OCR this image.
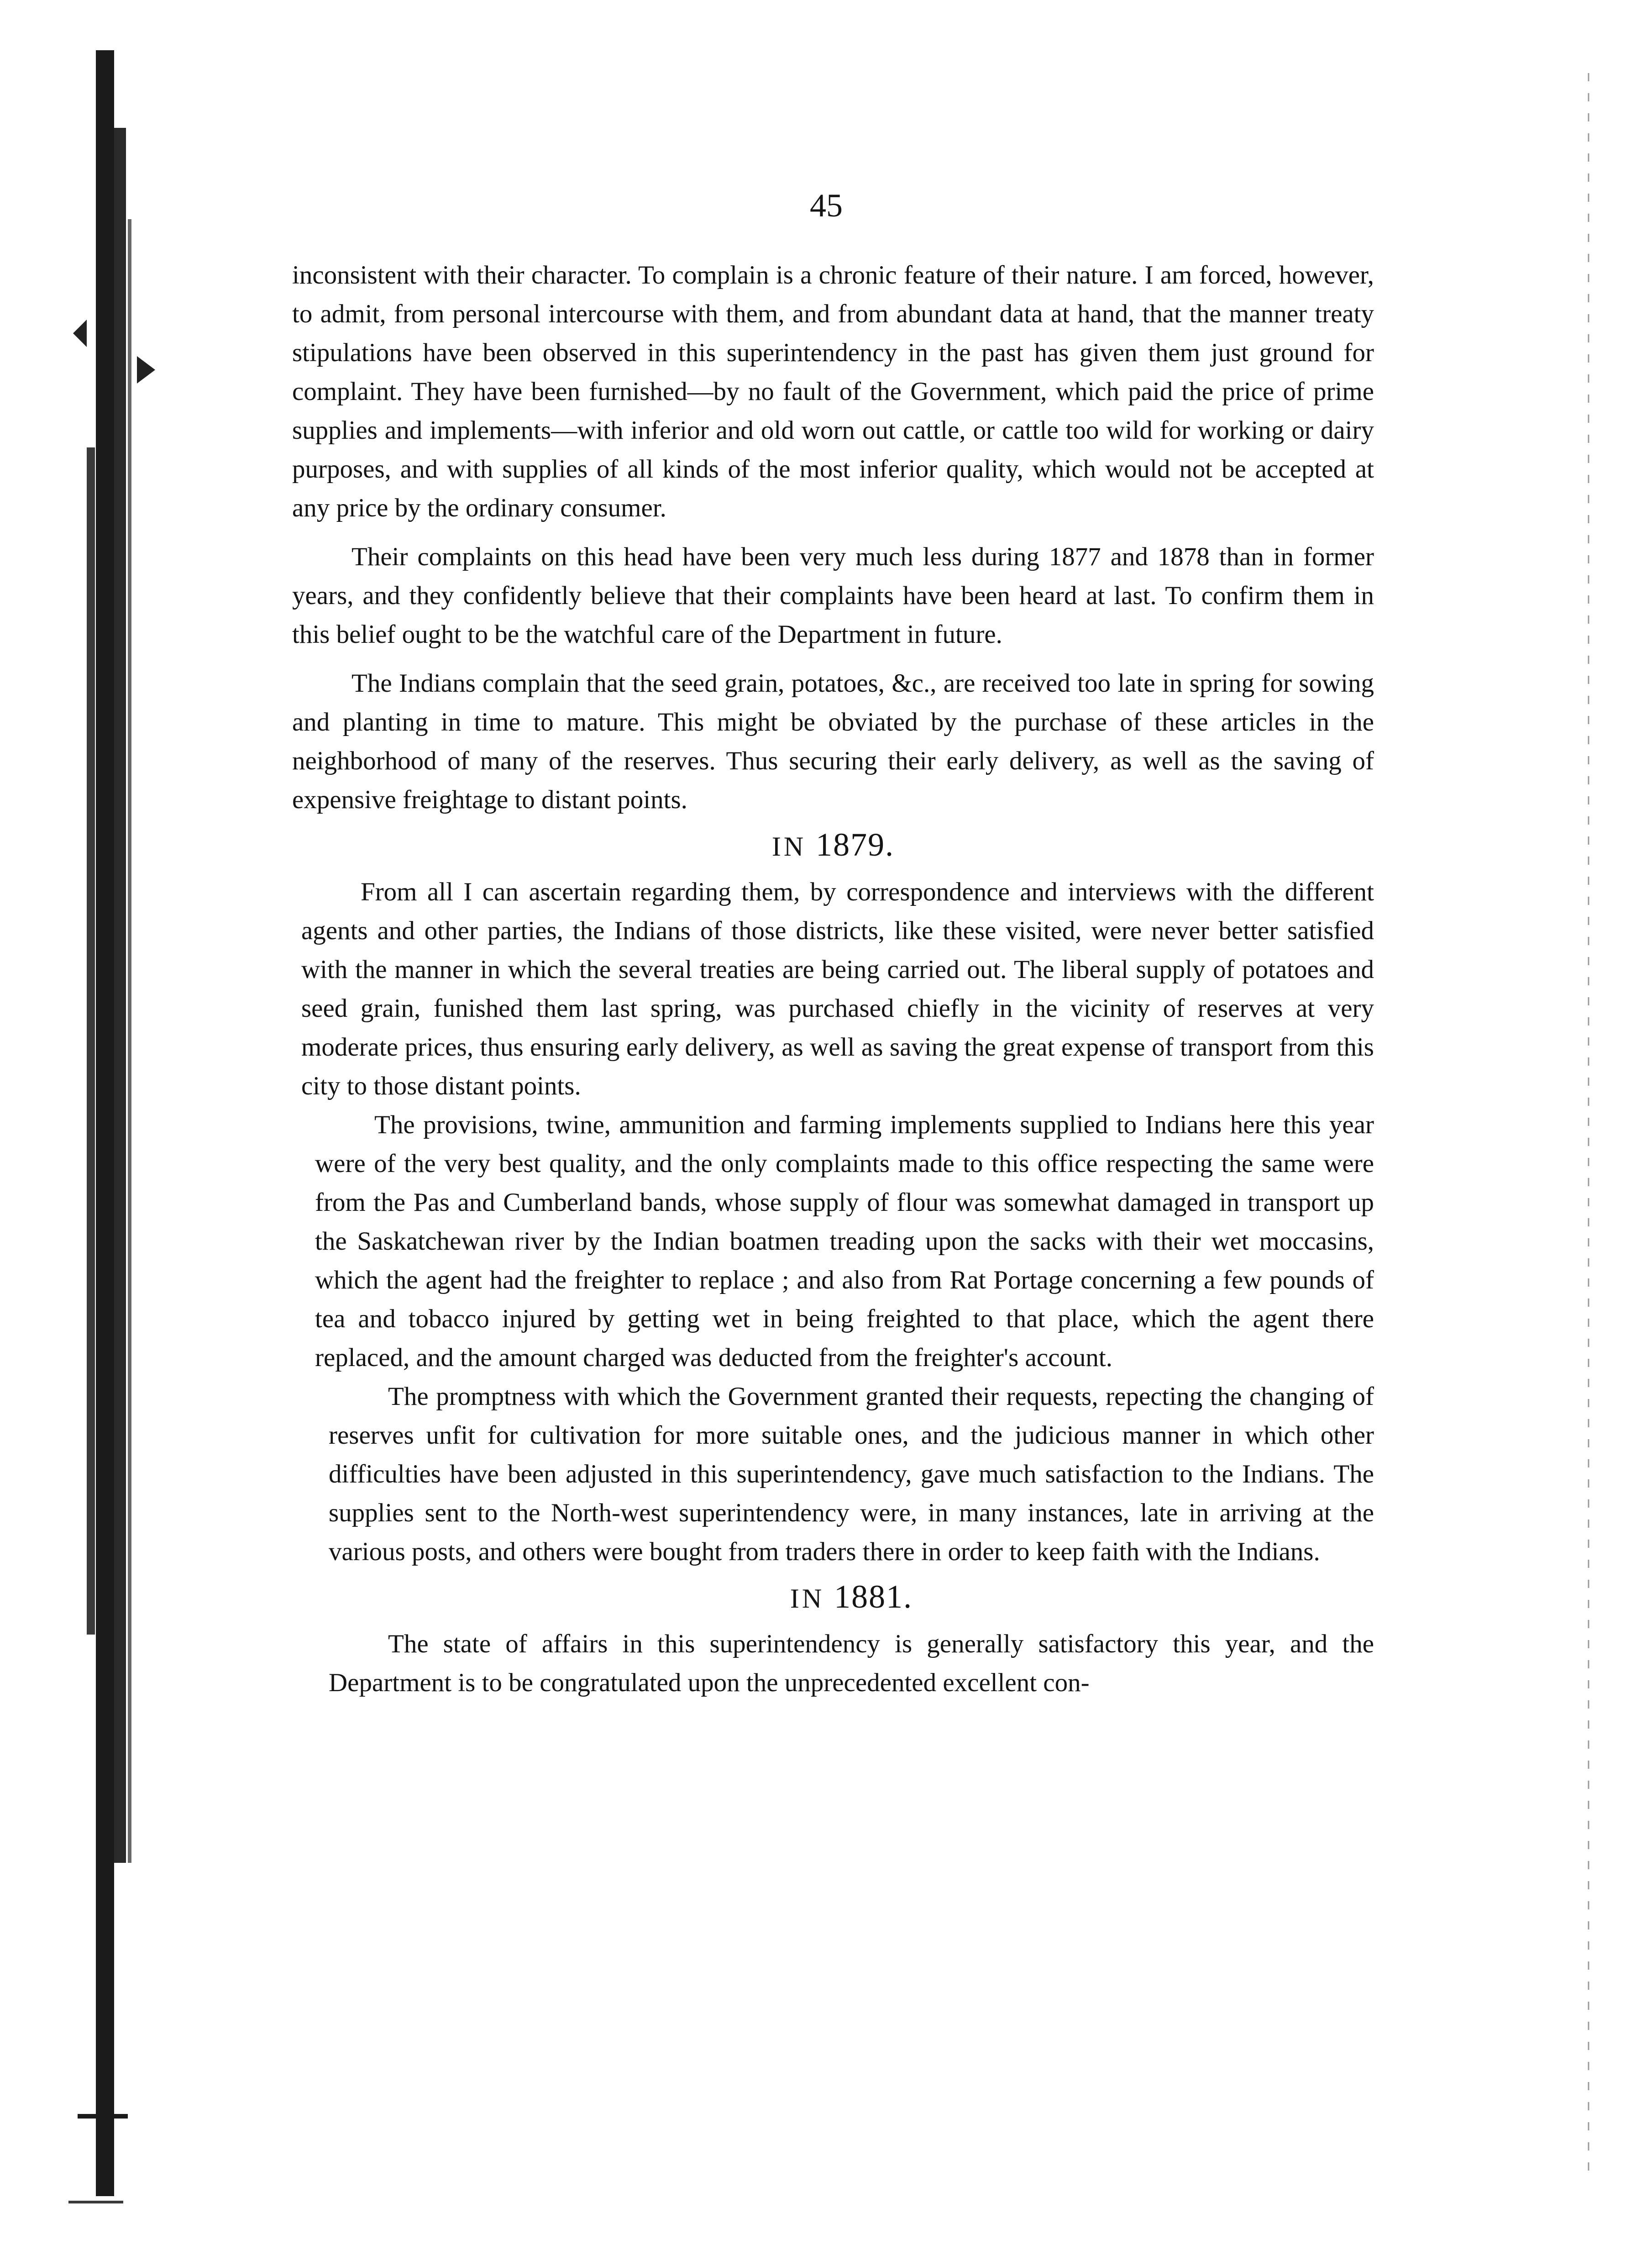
45

inconsistent with their character. To complain is a chronic feature of their nature. I am forced, however, to admit, from personal intercourse with them, and from abundant data at hand, that the manner treaty stipulations have been observed in this superintendency in the past has given them just ground for complaint. They have been furnished—by no fault of the Government, which paid the price of prime supplies and implements—with inferior and old worn out cattle, or cattle too wild for working or dairy purposes, and with supplies of all kinds of the most inferior quality, which would not be accepted at any price by the ordinary consumer.

Their complaints on this head have been very much less during 1877 and 1878 than in former years, and they confidently believe that their complaints have been heard at last. To confirm them in this belief ought to be the watchful care of the Department in future.

The Indians complain that the seed grain, potatoes, &c., are received too late in spring for sowing and planting in time to mature. This might be obviated by the purchase of these articles in the neighborhood of many of the reserves. Thus securing their early delivery, as well as the saving of expensive freightage to distant points.

IN 1879.

From all I can ascertain regarding them, by correspondence and interviews with the different agents and other parties, the Indians of those districts, like these visited, were never better satisfied with the manner in which the several treaties are being carried out. The liberal supply of potatoes and seed grain, funished them last spring, was purchased chiefly in the vicinity of reserves at very moderate prices, thus ensuring early delivery, as well as saving the great expense of transport from this city to those distant points.

The provisions, twine, ammunition and farming implements supplied to Indians here this year were of the very best quality, and the only complaints made to this office respecting the same were from the Pas and Cumberland bands, whose supply of flour was somewhat damaged in transport up the Saskatchewan river by the Indian boatmen treading upon the sacks with their wet moccasins, which the agent had the freighter to replace ; and also from Rat Portage concerning a few pounds of tea and tobacco injured by getting wet in being freighted to that place, which the agent there replaced, and the amount charged was deducted from the freighter's account.

The promptness with which the Government granted their requests, repecting the changing of reserves unfit for cultivation for more suitable ones, and the judicious manner in which other difficulties have been adjusted in this superintendency, gave much satisfaction to the Indians. The supplies sent to the North-west superintendency were, in many instances, late in arriving at the various posts, and others were bought from traders there in order to keep faith with the Indians.

IN 1881.

The state of affairs in this superintendency is generally satisfactory this year, and the Department is to be congratulated upon the unprecedented excellent con-
